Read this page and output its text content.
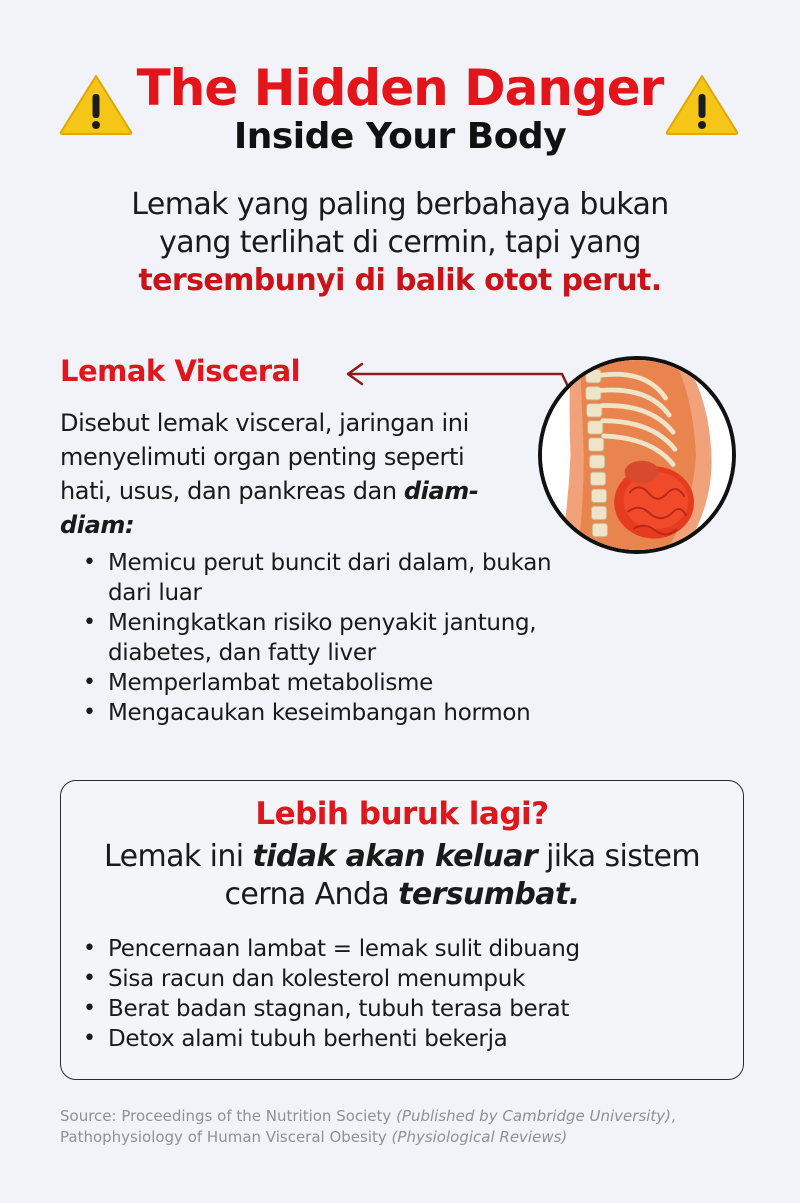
The Hidden Danger
Inside Your Body
Lemak yang paling berbahaya bukan
yang terlihat di cermin, tapi yang
tersembunyi di balik otot perut.
Lemak Visceral
Disebut lemak visceral, jaringan ini menyelimuti organ penting seperti hati, usus, dan pankreas dan diam-diam:
• Memicu perut buncit dari dalam, bukan dari luar
• Meningkatkan risiko penyakit jantung, diabetes, dan fatty liver
• Memperlambat metabolisme
• Mengacaukan keseimbangan hormon
Lebih buruk lagi?
Lemak ini tidak akan keluar jika sistem cerna Anda tersumbat.
• Pencernaan lambat = lemak sulit dibuang
• Sisa racun dan kolesterol menumpuk
• Berat badan stagnan, tubuh terasa berat
• Detox alami tubuh berhenti bekerja
Source: Proceedings of the Nutrition Society (Published by Cambridge University), Pathophysiology of Human Visceral Obesity (Physiological Reviews)
